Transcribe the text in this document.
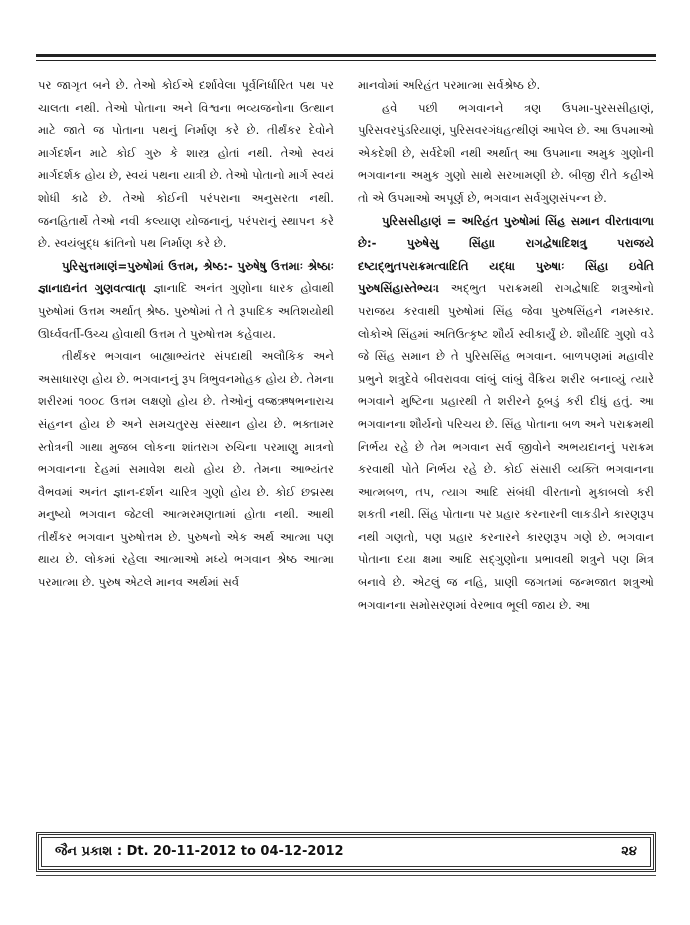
પર જાગૃત બને છે. તેઓ કોઈએ દર્શાવેલા પૂર્વનિર્ધારિત પથ પર ચાલતા નથી. તેઓ પોતાના અને વિશ્વના ભવ્યજનોના ઉત્થાન માટે જાતે જ પોતાના પથનું નિર્માણ કરે છે. તીર્થંકર દેવોને માર્ગદર્શન માટે કોઈ ગુરુ કે શાસ્ત્ર હોતાં નથી. તેઓ સ્વયં માર્ગદર્શક હોય છે, સ્વયં પથના યાત્રી છે. તેઓ પોતાનો માર્ગ સ્વયં શોધી કાઢે છે. તેઓ કોઈની પરંપરાના અનુસરતા નથી. જનહિતાર્થે તેઓ નવી કલ્યાણ યોજનાનું, પરંપરાનું સ્થાપન કરે છે. સ્વયંબુદ્ધ ક્રાંતિનો પથ નિર્માણ કરે છે.

પુરિસુત્તમાણં=પુરુષોમાં ઉત્તમ, શ્રેષ્ઠ:- પુરુષેષુ ઉત્તમાઃ શ્રેષ્ઠાઃ જ્ઞાનાદ્યનંત ગુણવત્વાત્। જ્ઞાનાદિ અનંત ગુણોના ધારક હોવાથી પુરુષોમાં ઉત્તમ અર્થાત્ શ્રેષ્ઠ. પુરુષોમાં તે તે રૂપાદિક અતિશયોથી ઊર્ધ્વવર્તી-ઉચ્ચ હોવાથી ઉત્તમ તે પુરુષોત્તમ કહેવાય.

તીર્થંકર ભગવાન બાહ્યાભ્યંતર સંપદાથી અલૌકિક અને અસાધારણ હોય છે. ભગવાનનું રૂપ ત્રિભુવનમોહક હોય છે. તેમના શરીરમાં ૧૦૦૮ ઉત્તમ લક્ષણો હોય છે. તેઓનું વજ્રઋષભનારાચ સંહનન હોય છે અને સમચતુરસ્ર સંસ્થાન હોય છે. ભક્તામર સ્તોત્રની ગાથા મુજબ લોકના શાંતરાગ રુચિના પરમાણુ માત્રનો ભગવાનના દેહમાં સમાવેશ થયો હોય છે. તેમના આભ્યંતર વૈભવમાં અનંત જ્ઞાન-દર્શન ચારિત્ર ગુણો હોય છે. કોઈ છદ્મસ્થ મનુષ્યો ભગવાન જેટલી આત્મરમણતામાં હોતા નથી. આથી તીર્થંકર ભગવાન પુરુષોત્તમ છે. પુરુષનો એક અર્થ આત્મા પણ થાય છે. લોકમાં રહેલા આત્માઓ મધ્યે ભગવાન શ્રેષ્ઠ આત્મા પરમાત્મા છે. પુરુષ એટલે માનવ અર્થમાં સર્વ

માનવોમાં અરિહંત પરમાત્મા સર્વશ્રેષ્ઠ છે.

હવે પછી ભગવાનને ત્રણ ઉપમા-પુરસસીહાણં, પુરિસવરપુંડરિયાણં, પુરિસવરગંધહત્થીણં આપેલ છે. આ ઉપમાઓ એકદેશી છે, સર્વદેશી નથી અર્થાત્ આ ઉપમાના અમુક ગુણોની ભગવાનના અમુક ગુણો સાથે સરખામણી છે. બીજી રીતે કહીએ તો એ ઉપમાઓ અપૂર્ણ છે, ભગવાન સર્વગુણસંપન્ન છે.

પુરિસસીહાણં = અરિહંત પુરુષોમાં સિંહ સમાન વીરતાવાળા છે:- પુરુષેસુ સિંહા। રાગદ્વેષાદિશત્રુ પરાજયે દષ્ટાદ્ભુતપરાક્રમત્વાદિતિ યદ્ધા પુરુષાઃ સિંહા ઇવેતિ પુરુષસિંહાસ્તેભ્યઃ। અદ્ભુત પરાક્રમથી રાગદ્વેષાદિ શત્રુઓનો પરાજય કરવાથી પુરુષોમાં સિંહ જેવા પુરુષસિંહને નમસ્કાર. લોકોએ સિંહમાં અતિઉત્કૃષ્ટ શૌર્ય સ્વીકાર્યું છે. શૌર્યાદિ ગુણો વડે જે સિંહ સમાન છે તે પુરિસસિંહ ભગવાન. બાળપણમાં મહાવીર પ્રભુને શત્રુદેવે બીવરાવવા લાંબું લાંબું વૈક્રિય શરીર બનાવ્યું ત્યારે ભગવાને મુષ્ટિના પ્રહારથી તે શરીરને ઠૂબડું કરી દીધું હતું. આ ભગવાનના શૌર્યનો પરિચય છે. સિંહ પોતાના બળ અને પરાક્રમથી નિર્ભય રહે છે તેમ ભગવાન સર્વ જીવોને અભયદાનનું પરાક્રમ કરવાથી પોતે નિર્ભય રહે છે. કોઈ સંસારી વ્યક્તિ ભગવાનના આત્મબળ, તપ, ત્યાગ આદિ સંબંધી વીરતાનો મુકાબલો કરી શકતી નથી. સિંહ પોતાના પર પ્રહાર કરનારની લાકડીને કારણરૂપ નથી ગણતો, પણ પ્રહાર કરનારને કારણરૂપ ગણે છે. ભગવાન પોતાના દયા ક્ષમા આદિ સદ્ગુણોના પ્રભાવથી શત્રુને પણ મિત્ર બનાવે છે. એટલું જ નહિ, પ્રાણી જગતમાં જન્મજાત શત્રુઓ ભગવાનના સમોસરણમાં વેરભાવ ભૂલી જાય છે. આ

જૈન પ્રકાશ : Dt. 20-11-2012 to 04-12-2012	૨૪
